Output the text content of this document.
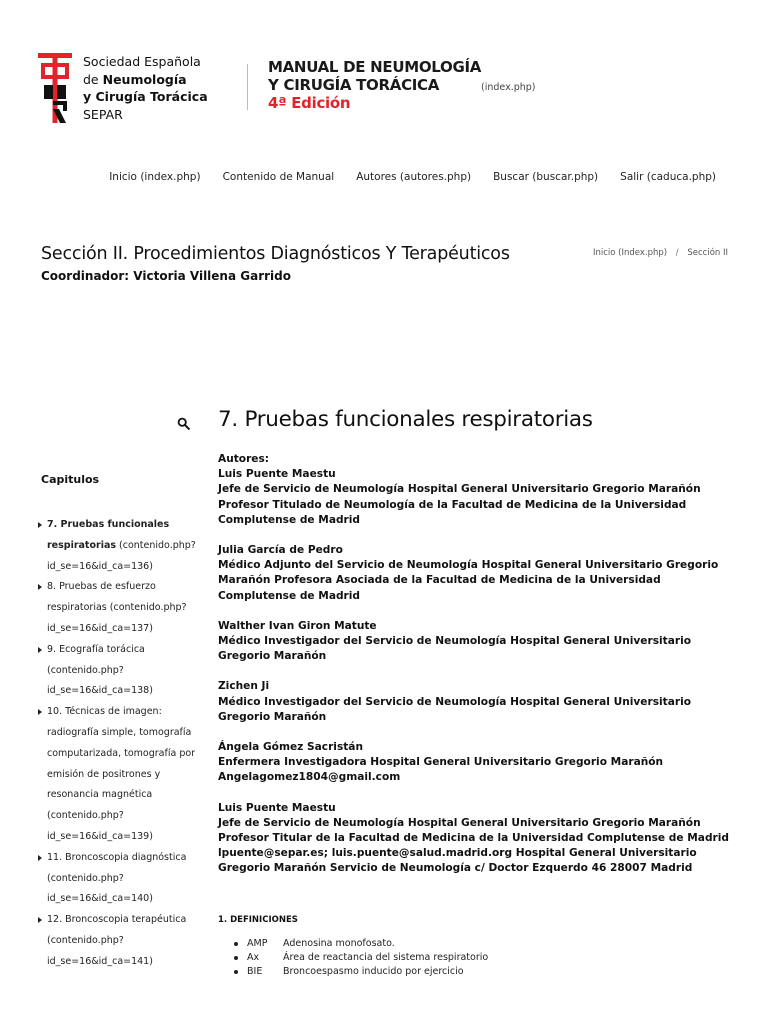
Sociedad Española
de Neumología
y Cirugía Torácica
SEPAR
MANUAL DE NEUMOLOGÍA
Y CIRUGÍA TORÁCICA
4ª Edición
(index.php)
Inicio (index.php) Contenido de Manual Autores (autores.php) Buscar (buscar.php) Salir (caduca.php)
Sección II. Procedimientos Diagnósticos Y Terapéuticos
Coordinador: Victoria Villena Garrido
Inicio (Index.php) / Sección II
Capitulos
7. Pruebas funcionales respiratorias (contenido.php?id_se=16&id_ca=136)
8. Pruebas de esfuerzo respiratorias (contenido.php?id_se=16&id_ca=137)
9. Ecografía torácica (contenido.php?id_se=16&id_ca=138)
10. Técnicas de imagen: radiografía simple, tomografía computarizada, tomografía por emisión de positrones y resonancia magnética (contenido.php?id_se=16&id_ca=139)
11. Broncoscopia diagnóstica (contenido.php?id_se=16&id_ca=140)
12. Broncoscopia terapéutica (contenido.php?id_se=16&id_ca=141)
7. Pruebas funcionales respiratorias

Autores:

Luis Puente Maestu

Jefe de Servicio de Neumología Hospital General Universitario Gregorio Marañón Profesor Titulado de Neumología de la Facultad de Medicina de la Universidad Complutense de Madrid

Julia García de Pedro

Médico Adjunto del Servicio de Neumología Hospital General Universitario Gregorio Marañón Profesora Asociada de la Facultad de Medicina de la Universidad Complutense de Madrid

Walther Ivan Giron Matute

Médico Investigador del Servicio de Neumología Hospital General Universitario Gregorio Marañón

Zichen Ji

Médico Investigador del Servicio de Neumología Hospital General Universitario Gregorio Marañón

Ángela Gómez Sacristán

Enfermera Investigadora Hospital General Universitario Gregorio Marañón Angelagomez1804@gmail.com

Luis Puente Maestu

Jefe de Servicio de Neumología Hospital General Universitario Gregorio Marañón Profesor Titular de la Facultad de Medicina de la Universidad Complutense de Madrid lpuente@separ.es; luis.puente@salud.madrid.org Hospital General Universitario Gregorio Marañón Servicio de Neumología c/ Doctor Ezquerdo 46 28007 Madrid

1. DEFINICIONES
AMP Adenosina monofosato.
Ax	Área de reactancia del sistema respiratorio
BIE Broncoespasmo inducido por ejercicio
